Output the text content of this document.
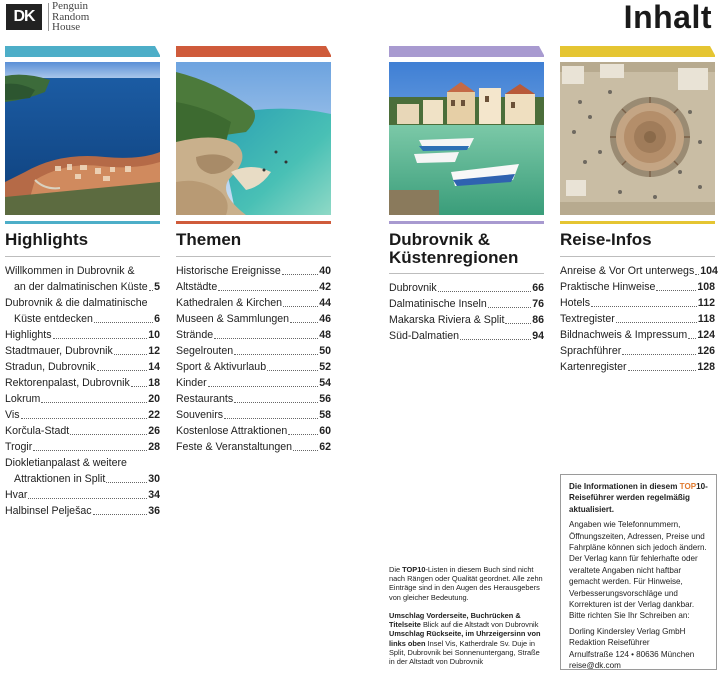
DK
Penguin
Random
House	Inhalt
Highlights
Willkommen in Dubrovnik &
an der dalmatinischen Küste 5
Dubrovnik & die dalmatinische
Küste entdecken	6
Highlights	10
Stadtmauer, Dubrovnik	12
Stradun, Dubrovnik	14
Rektorenpalast, Dubrovnik 18
Lokrum	20
Vis	22
Korčula-Stadt	26
Trogir	28
Diokletianpalast & weitere
Attraktionen in Split	30
Hvar	34
Halbinsel Pelješac	36
Themen
Historische Ereignisse	40
Altstädte	42
Kathedralen & Kirchen	44
Museen & Sammlungen	46
Strände	48
Segelrouten	50
Sport & Aktivurlaub	52
Kinder	54
Restaurants	56
Souvenirs	58
Kostenlose Attraktionen	60
Feste & Veranstaltungen	62
Dubrovnik &
Küstenregionen
Dubrovnik	66
Dalmatinische Inseln	76
Makarska Riviera & Split	86
Süd-Dalmatien	94
Die TOP10-Listen in diesem Buch sind nicht nach Rängen oder Qualität geordnet. Alle zehn Einträge sind in den Augen des Herausgebers von gleicher Bedeutung.
Umschlag Vorderseite, Buchrücken & Titelseite Blick auf die Altstadt von Dubrovnik
Umschlag Rückseite, im Uhrzeigersinn von links oben Insel Vis, Katherdrale Sv. Duje in Split, Dubrovnik bei Sonnenuntergang, Straße in der Altstadt von Dubrovnik
Reise-Infos
Anreise & Vor Ort unterwegs 104
Praktische Hinweise	108
Hotels	112
Textregister	118
Bildnachweis & Impressum 124
Sprachführer	126
Kartenregister	128

Die Informationen in diesem TOP10-Reiseführer werden regelmäßig aktualisiert.

Angaben wie Telefonnummern, Öffnungszeiten, Adressen, Preise und Fahrpläne können sich jedoch ändern. Der Verlag kann für fehlerhafte oder veraltete Angaben nicht haftbar gemacht werden. Für Hinweise, Verbesserungsvorschläge und Korrekturen ist der Verlag dankbar. Bitte richten Sie Ihr Schreiben an:

Dorling Kindersley Verlag GmbH
Redaktion Reiseführer
Arnulfstraße 124 • 80636 München
reise@dk.com
